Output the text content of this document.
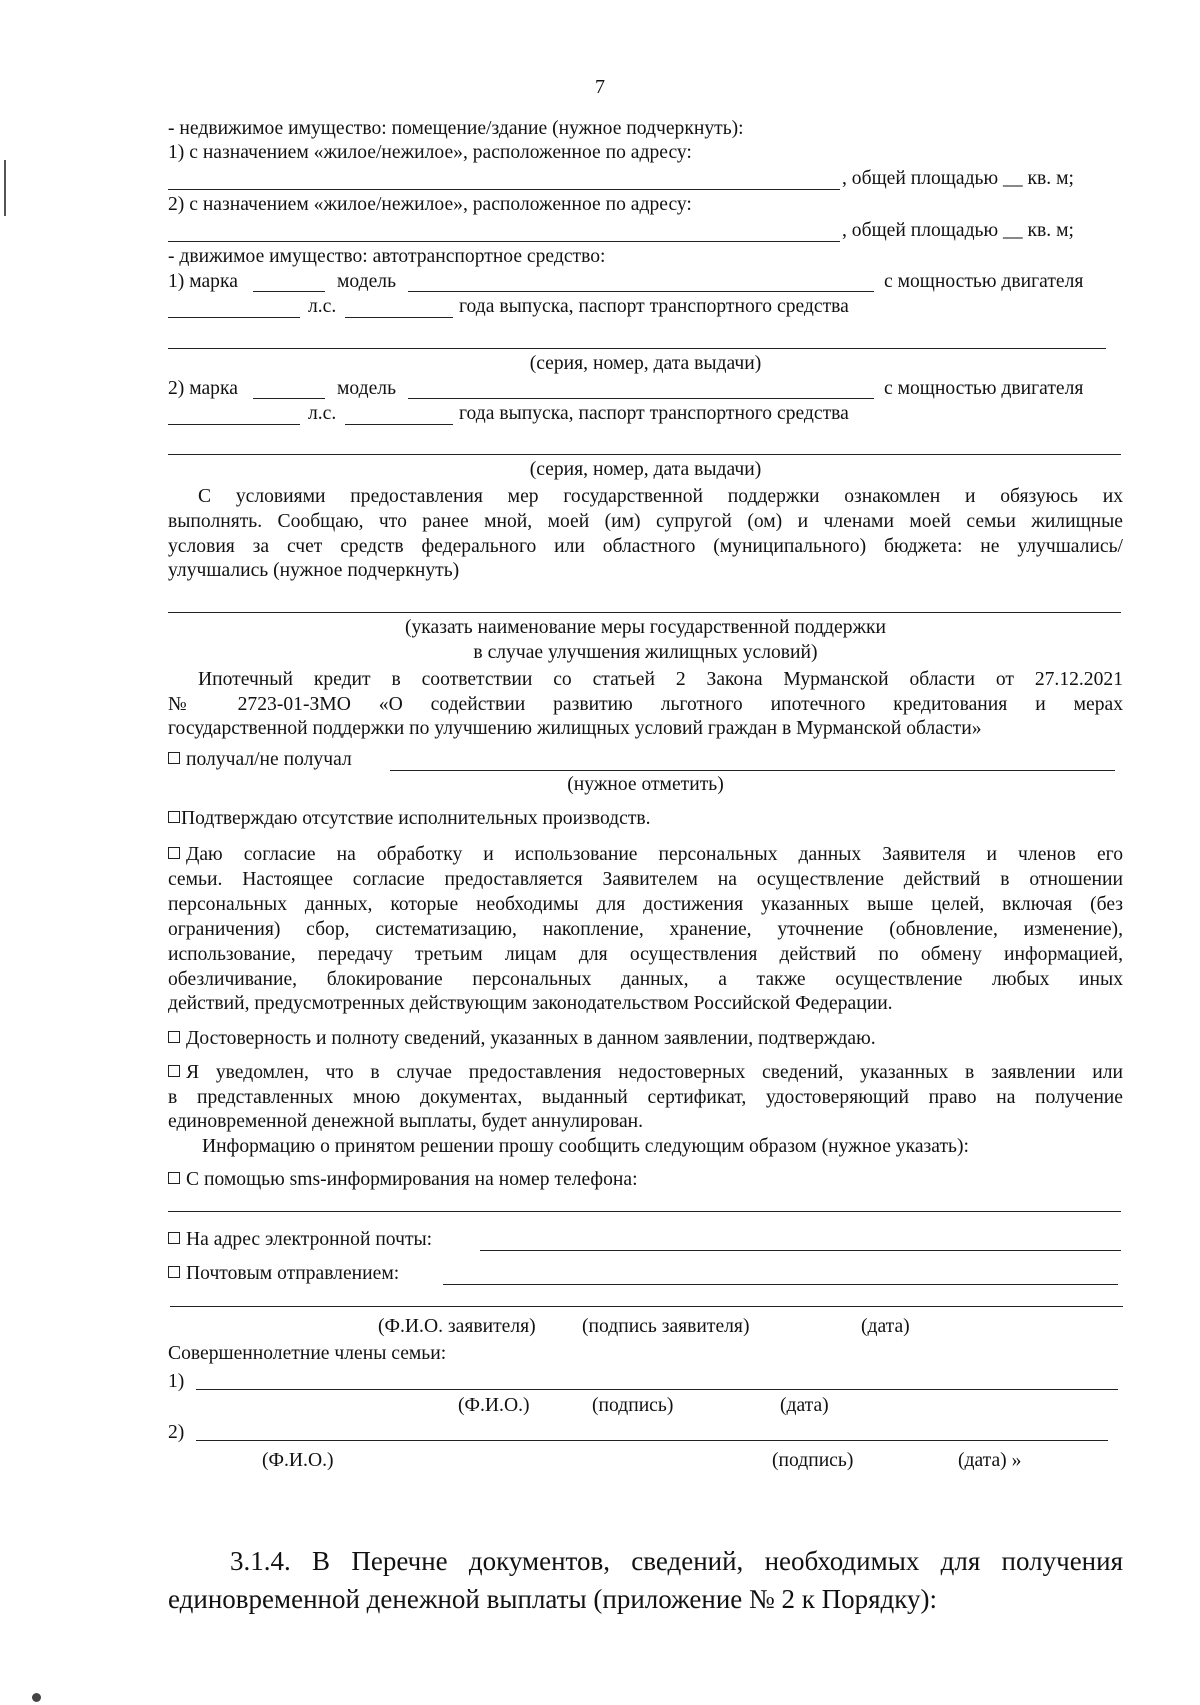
7
- недвижимое имущество: помещение/здание (нужное подчеркнуть):
1) с назначением «жилое/нежилое», расположенное по адресу:
, общей площадью __ кв. м;
2) с назначением «жилое/нежилое», расположенное по адресу:
, общей площадью __ кв. м;
- движимое имущество: автотранспортное средство:
1) марка	модель	с мощностью двигателя
л.с.	года выпуска, паспорт транспортного средства
(серия, номер, дата выдачи)
2) марка	модель	с мощностью двигателя
л.с.	года выпуска, паспорт транспортного средства
(серия, номер, дата выдачи)
С условиями предоставления мер государственной поддержки ознакомлен и обязуюсь их
выполнять. Сообщаю, что ранее мной, моей (им) супругой (ом) и членами моей семьи жилищные
условия за счет средств федерального или областного (муниципального) бюджета: не улучшались/
улучшались (нужное подчеркнуть)
(указать наименование меры государственной поддержки
в случае улучшения жилищных условий)
Ипотечный кредит в соответствии со статьей 2 Закона Мурманской области от 27.12.2021
№ 2723-01-ЗМО «О содействии развитию льготного ипотечного кредитования и мерах
государственной поддержки по улучшению жилищных условий граждан в Мурманской области»
получал/не получал
(нужное отметить)
Подтверждаю отсутствие исполнительных производств.
Даю согласие на обработку и использование персональных данных Заявителя и членов его
семьи. Настоящее согласие предоставляется Заявителем на осуществление действий в отношении
персональных данных, которые необходимы для достижения указанных выше целей, включая (без
ограничения) сбор, систематизацию, накопление, хранение, уточнение (обновление, изменение),
использование, передачу третьим лицам для осуществления действий по обмену информацией,
обезличивание, блокирование персональных данных, а также осуществление любых иных
действий, предусмотренных действующим законодательством Российской Федерации.
Достоверность и полноту сведений, указанных в данном заявлении, подтверждаю.
Я уведомлен, что в случае предоставления недостоверных сведений, указанных в заявлении или
в представленных мною документах, выданный сертификат, удостоверяющий право на получение
единовременной денежной выплаты, будет аннулирован.
Информацию о принятом решении прошу сообщить следующим образом (нужное указать):
С помощью sms-информирования на номер телефона:
На адрес электронной почты:
Почтовым отправлением:
(Ф.И.О. заявителя) (подпись заявителя)	(дата)
Совершеннолетние члены семьи:
1)
(Ф.И.О.)	(подпись)	(дата)
2)
(Ф.И.О.)	(подпись)	(дата) »
3.1.4. В Перечне документов, сведений, необходимых для получения
единовременной денежной выплаты (приложение № 2 к Порядку):
